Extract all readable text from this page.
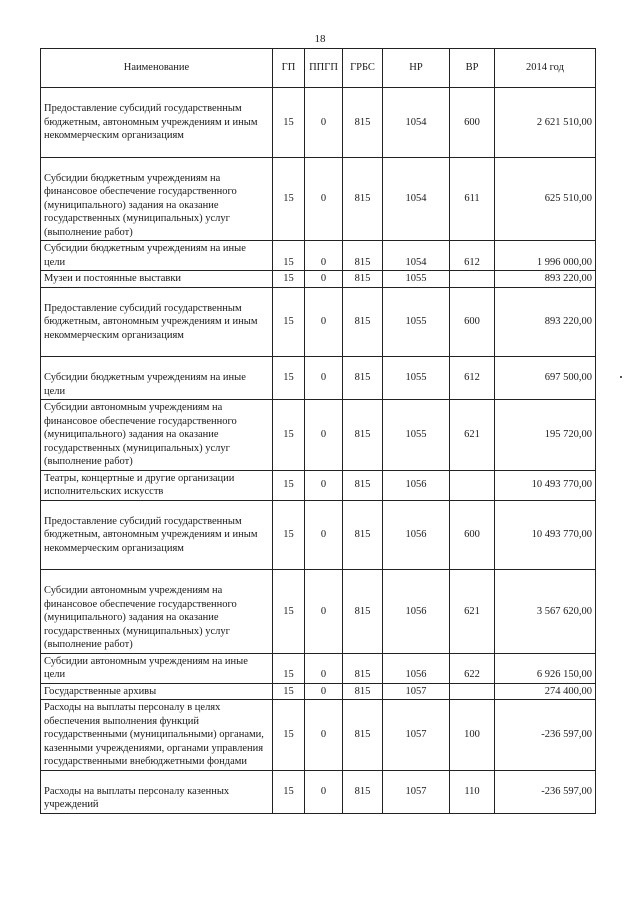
18
Наименование	ГП	ППГП	ГРБС	НР	ВР	2014 год

Предоставление субсидий государственным бюджетным, автономным учреждениям и иным некоммерческим организациям	15	0	815	1054	600	2 621 510,00

Субсидии бюджетным учреждениям на финансовое обеспечение государственного (муниципального) задания на оказание государственных (муниципальных) услуг (выполнение работ)	15	0	815	1054	611	625 510,00
Субсидии бюджетным учреждениям на иные цели	15	0	815	1054	612	1 996 000,00
Музеи и постоянные выставки	15	0	815	1055		893 220,00

Предоставление субсидий государственным бюджетным, автономным учреждениям и иным некоммерческим организациям	15	0	815	1055	600	893 220,00

Субсидии бюджетным учреждениям на иные цели	15	0	815	1055	612	697 500,00
Субсидии автономным учреждениям на финансовое обеспечение государственного (муниципального) задания на оказание государственных (муниципальных) услуг (выполнение работ)	15	0	815	1055	621	195 720,00
Театры, концертные и другие организации исполнительских искусств	15	0	815	1056		10 493 770,00

Предоставление субсидий государственным бюджетным, автономным учреждениям и иным некоммерческим организациям	15	0	815	1056	600	10 493 770,00

Субсидии автономным учреждениям на финансовое обеспечение государственного (муниципального) задания на оказание государственных (муниципальных) услуг (выполнение работ)	15	0	815	1056	621	3 567 620,00
Субсидии автономным учреждениям на иные цели	15	0	815	1056	622	6 926 150,00
Государственные архивы	15	0	815	1057		274 400,00
Расходы на выплаты персоналу в целях обеспечения выполнения функций государственными (муниципальными) органами, казенными учреждениями, органами управления государственными внебюджетными фондами	15	0	815	1057	100	-236 597,00

Расходы на выплаты персоналу казенных учреждений	15	0	815	1057	110	-236 597,00
